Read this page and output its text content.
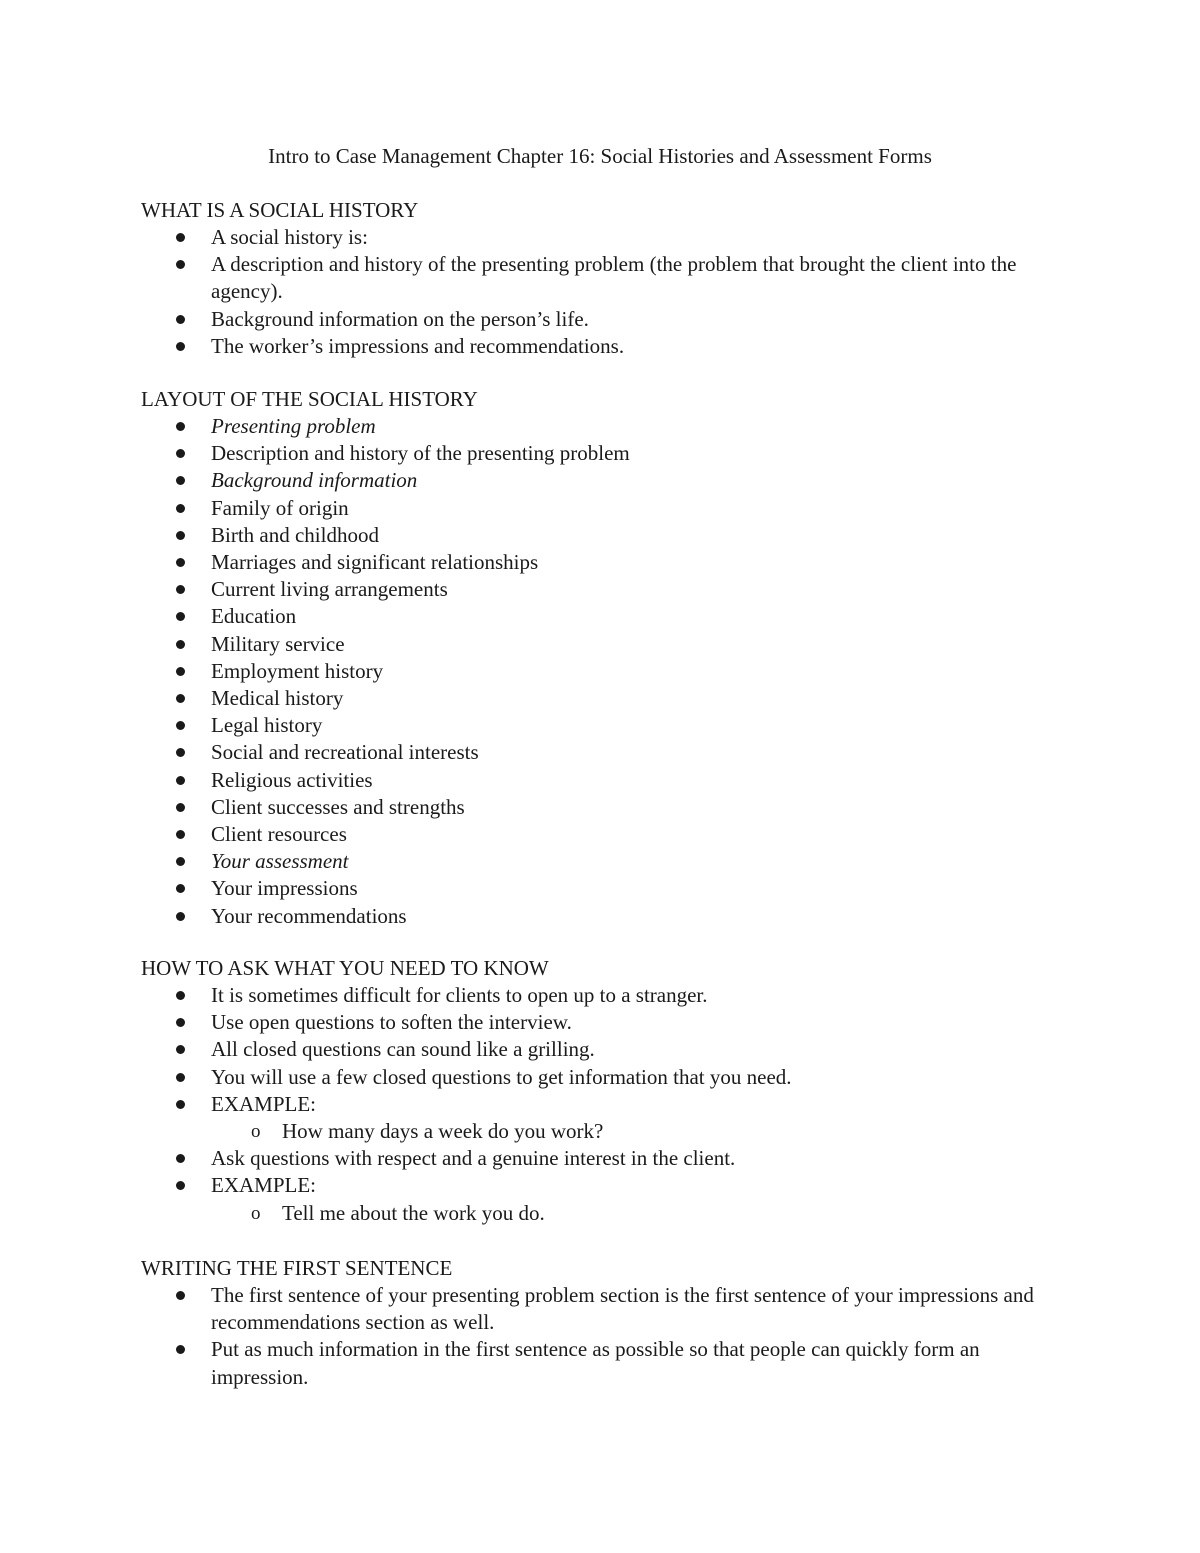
Intro to Case Management Chapter 16: Social Histories and Assessment Forms
WHAT IS A SOCIAL HISTORY
A social history is:
A description and history of the presenting problem (the problem that brought the client into the agency).
Background information on the person’s life.
The worker’s impressions and recommendations.
LAYOUT OF THE SOCIAL HISTORY
Presenting problem
Description and history of the presenting problem
Background information
Family of origin
Birth and childhood
Marriages and significant relationships
Current living arrangements
Education
Military service
Employment history
Medical history
Legal history
Social and recreational interests
Religious activities
Client successes and strengths
Client resources
Your assessment
Your impressions
Your recommendations
HOW TO ASK WHAT YOU NEED TO KNOW
It is sometimes difficult for clients to open up to a stranger.
Use open questions to soften the interview.
All closed questions can sound like a grilling.
You will use a few closed questions to get information that you need.
EXAMPLE:
o How many days a week do you work?
Ask questions with respect and a genuine interest in the client.
EXAMPLE:
o Tell me about the work you do.
WRITING THE FIRST SENTENCE
The first sentence of your presenting problem section is the first sentence of your impressions and recommendations section as well.
Put as much information in the first sentence as possible so that people can quickly form an impression.
